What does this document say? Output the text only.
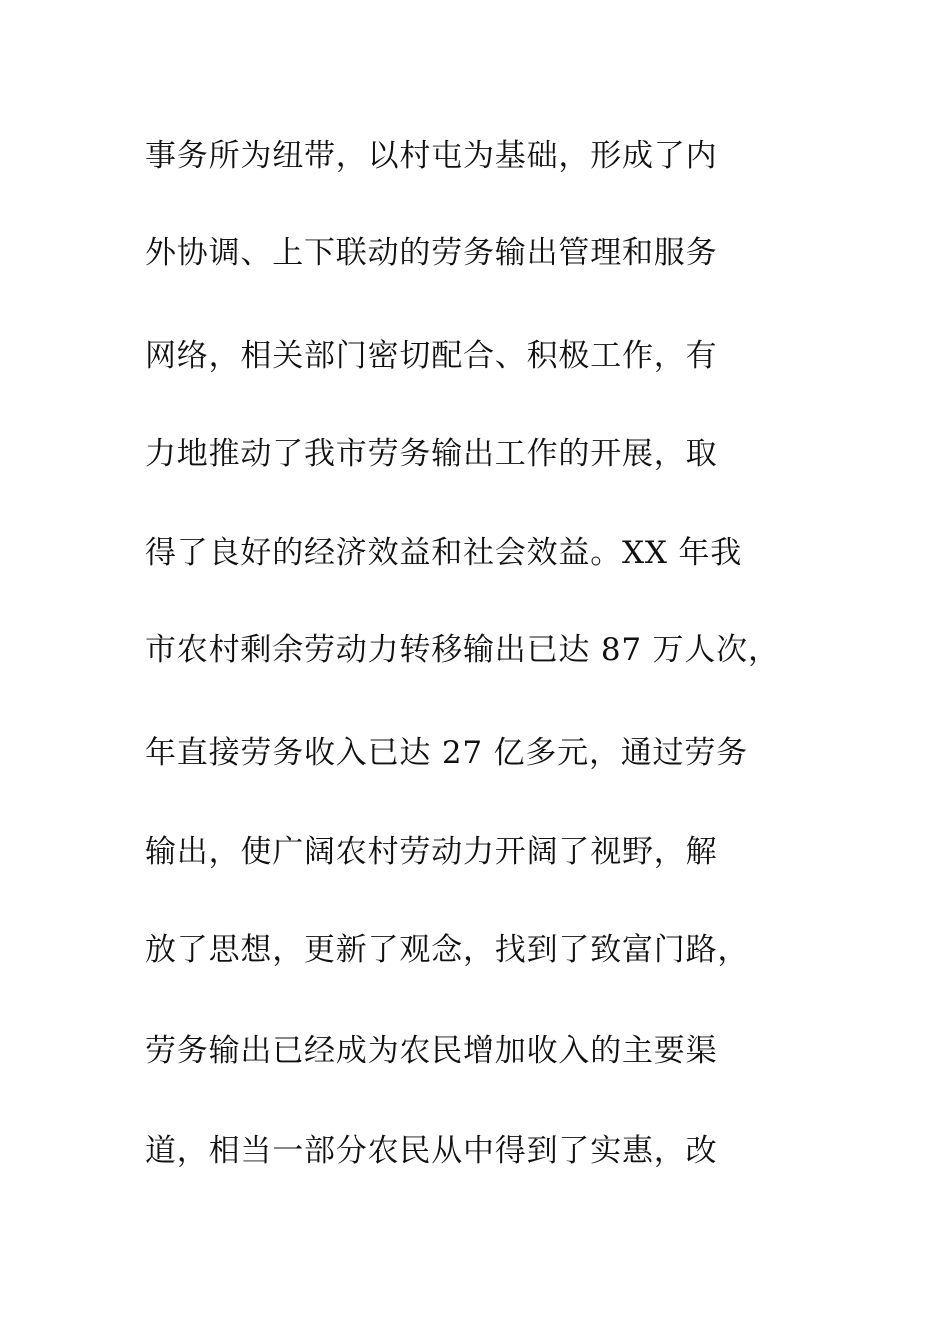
事务所为纽带，以村屯为基础，形成了内
外协调、上下联动的劳务输出管理和服务
网络，相关部门密切配合、积极工作，有
力地推动了我市劳务输出工作的开展，取
得了良好的经济效益和社会效益。XX 年我
市农村剩余劳动力转移输出已达 87 万人次，
年直接劳务收入已达 27 亿多元，通过劳务
输出，使广阔农村劳动力开阔了视野，解
放了思想，更新了观念，找到了致富门路，
劳务输出已经成为农民增加收入的主要渠
道，相当一部分农民从中得到了实惠，改
